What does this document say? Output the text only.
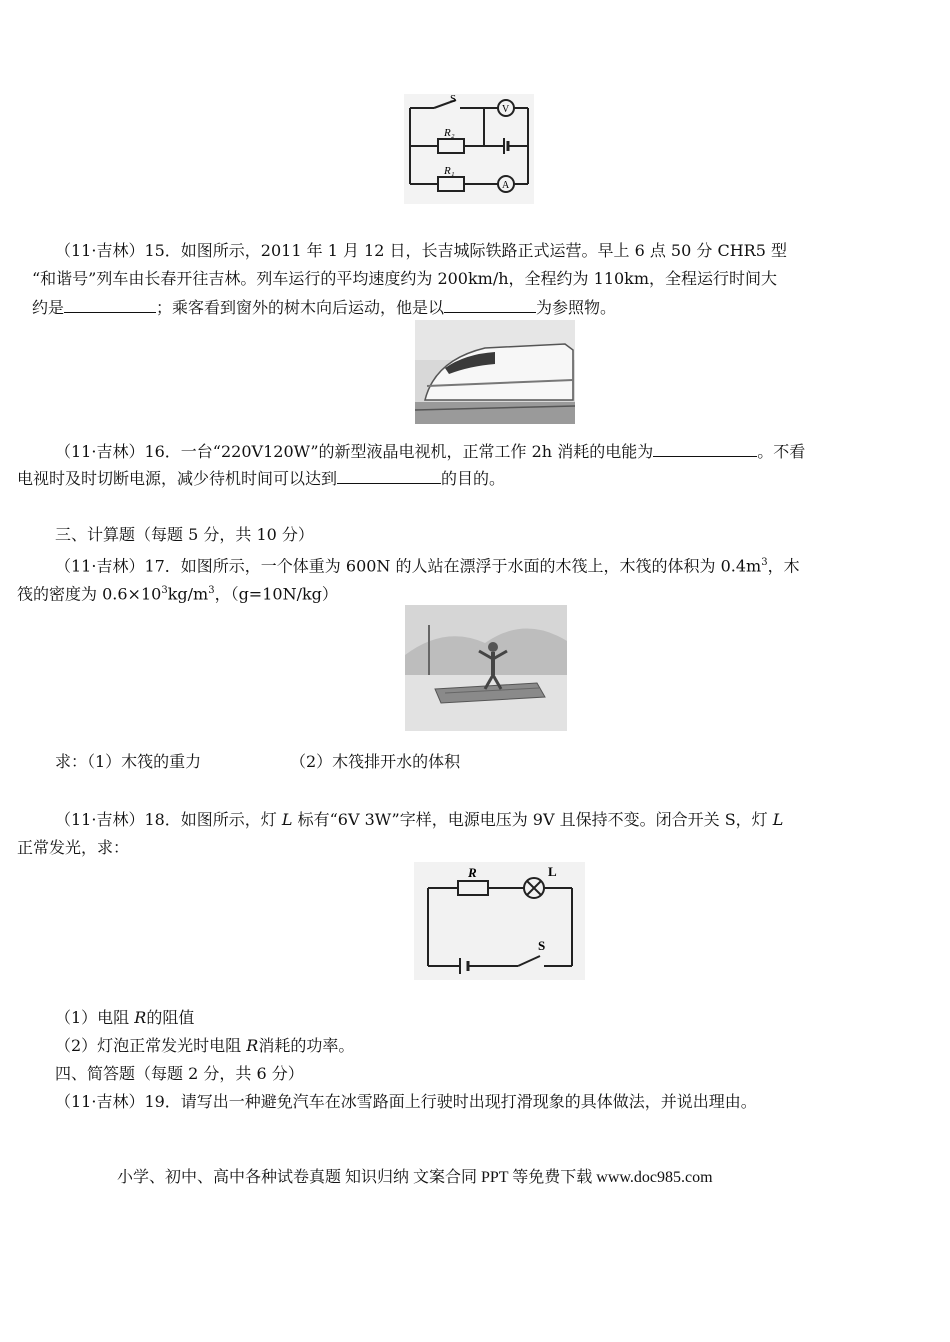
S
V
R₂
R₁
A
（11·吉林）15．如图所示，2011 年 1 月 12 日，长吉城际铁路正式运营。早上 6 点 50 分 CHR5 型
“和谐号”列车由长春开往吉林。列车运行的平均速度约为 200km/h，全程约为 110km，全程运行时间大
约是	；乘客看到窗外的树木向后运动，他是以	为参照物。
（11·吉林）16．一台“220V120W”的新型液晶电视机，正常工作 2h 消耗的电能为	。不看
电视时及时切断电源，减少待机时间可以达到	的目的。
三、计算题（每题 5 分，共 10 分）
（11·吉林）17．如图所示，一个体重为 600N 的人站在漂浮于水面的木筏上，木筏的体积为 $0.4m^3$，木
筏的密度为 $0.6\times 10^3kg/m^3$，（g=10N/kg）
求：（1）木筏的重力	（2）木筏排开水的体积
（11·吉林）18．如图所示，灯 L 标有“6V 3W”字样，电源电压为 9V 且保持不变。闭合开关 S，灯 L
正常发光，求：
R	L
S
（1）电阻 R的阻值
（2）灯泡正常发光时电阻 R消耗的功率。
四、简答题（每题 2 分，共 6 分）
（11·吉林）19．请写出一种避免汽车在冰雪路面上行驶时出现打滑现象的具体做法，并说出理由。
小学、初中、高中各种试卷真题 知识归纳 文案合同 PPT 等免费下载 www.doc985.com
